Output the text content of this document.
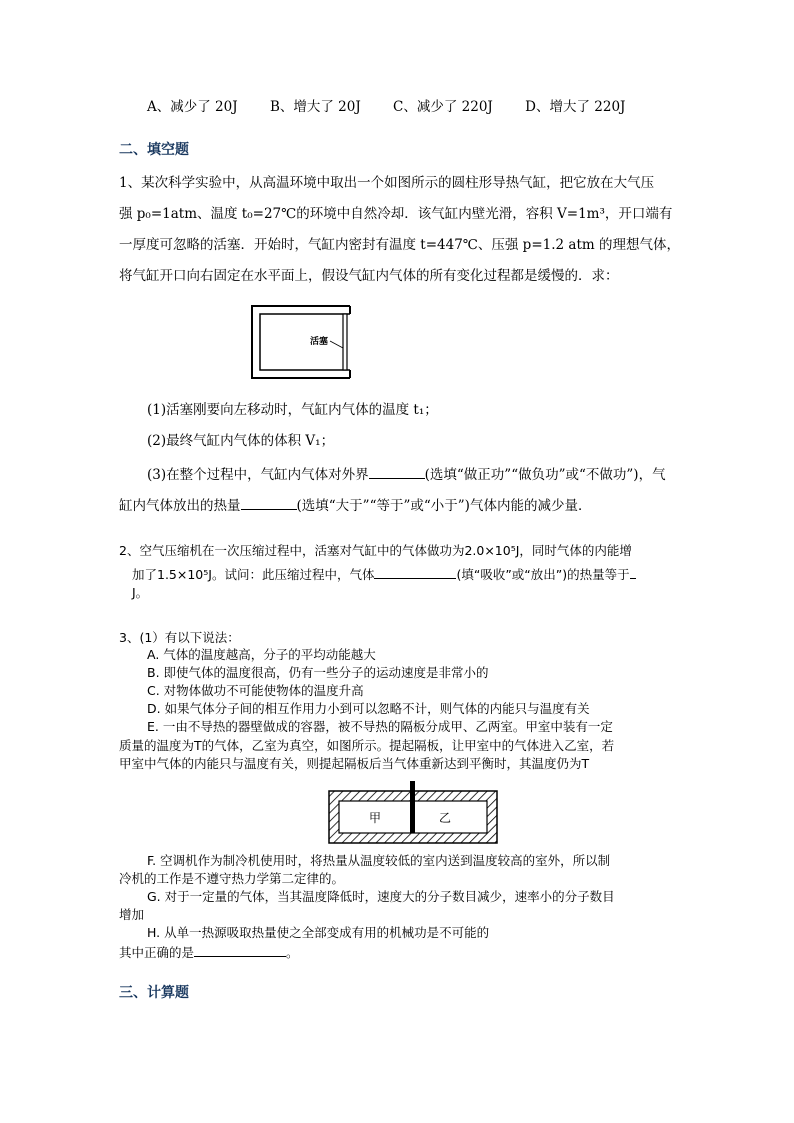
A、减少了 20J B、增大了 20J C、减少了 220J D、增大了 220J
二、填空题
1、某次科学实验中，从高温环境中取出一个如图所示的圆柱形导热气缸，把它放在大气压
强 p₀=1atm、温度 t₀=27℃的环境中自然冷却．该气缸内壁光滑，容积 V=1m³，开口端有
一厚度可忽略的活塞．开始时，气缸内密封有温度 t=447℃、压强 p=1.2 atm 的理想气体，
将气缸开口向右固定在水平面上，假设气缸内气体的所有变化过程都是缓慢的．求：
活塞
(1)活塞刚要向左移动时，气缸内气体的温度 t₁；
(2)最终气缸内气体的体积 V₁；
(3)在整个过程中，气缸内气体对外界	(选填“做正功”“做负功”或“不做功”)，气
缸内气体放出的热量	(选填“大于”“等于”或“小于”)气体内能的减少量．
2、空气压缩机在一次压缩过程中，活塞对气缸中的气体做功为2.0×10⁵J，同时气体的内能增
加了1.5×10⁵J。试问：此压缩过程中，气体	(填“吸收”或“放出”)的热量等于
J。
3、(1）有以下说法：
A. 气体的温度越高，分子的平均动能越大
B. 即使气体的温度很高，仍有一些分子的运动速度是非常小的
C. 对物体做功不可能使物体的温度升高
D. 如果气体分子间的相互作用力小到可以忽略不计，则气体的内能只与温度有关
E. 一由不导热的器壁做成的容器，被不导热的隔板分成甲、乙两室。甲室中装有一定
质量的温度为T的气体，乙室为真空，如图所示。提起隔板，让甲室中的气体进入乙室，若
甲室中气体的内能只与温度有关，则提起隔板后当气体重新达到平衡时，其温度仍为T
甲	乙
F. 空调机作为制冷机使用时，将热量从温度较低的室内送到温度较高的室外，所以制
冷机的工作是不遵守热力学第二定律的。
G. 对于一定量的气体，当其温度降低时，速度大的分子数目减少，速率小的分子数目
增加
H. 从单一热源吸取热量使之全部变成有用的机械功是不可能的
其中正确的是	。
三、计算题
